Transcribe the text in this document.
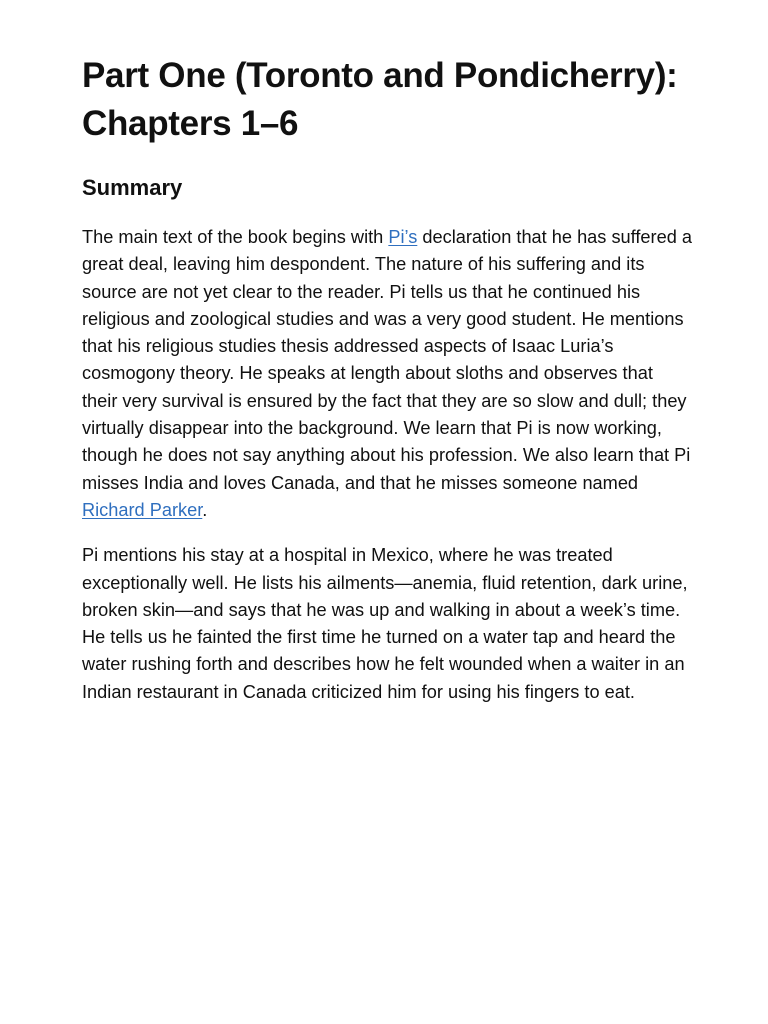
Part One (Toronto and Pondicherry): Chapters 1–6
Summary

The main text of the book begins with Pi’s declaration that he has suffered a great deal, leaving him despondent. The nature of his suffering and its source are not yet clear to the reader. Pi tells us that he continued his religious and zoological studies and was a very good student. He mentions that his religious studies thesis addressed aspects of Isaac Luria’s cosmogony theory. He speaks at length about sloths and observes that their very survival is ensured by the fact that they are so slow and dull; they virtually disappear into the background. We learn that Pi is now working, though he does not say anything about his profession. We also learn that Pi misses India and loves Canada, and that he misses someone named Richard Parker.

Pi mentions his stay at a hospital in Mexico, where he was treated exceptionally well. He lists his ailments—anemia, fluid retention, dark urine, broken skin—and says that he was up and walking in about a week’s time. He tells us he fainted the first time he turned on a water tap and heard the water rushing forth and describes how he felt wounded when a waiter in an Indian restaurant in Canada criticized him for using his fingers to eat.
